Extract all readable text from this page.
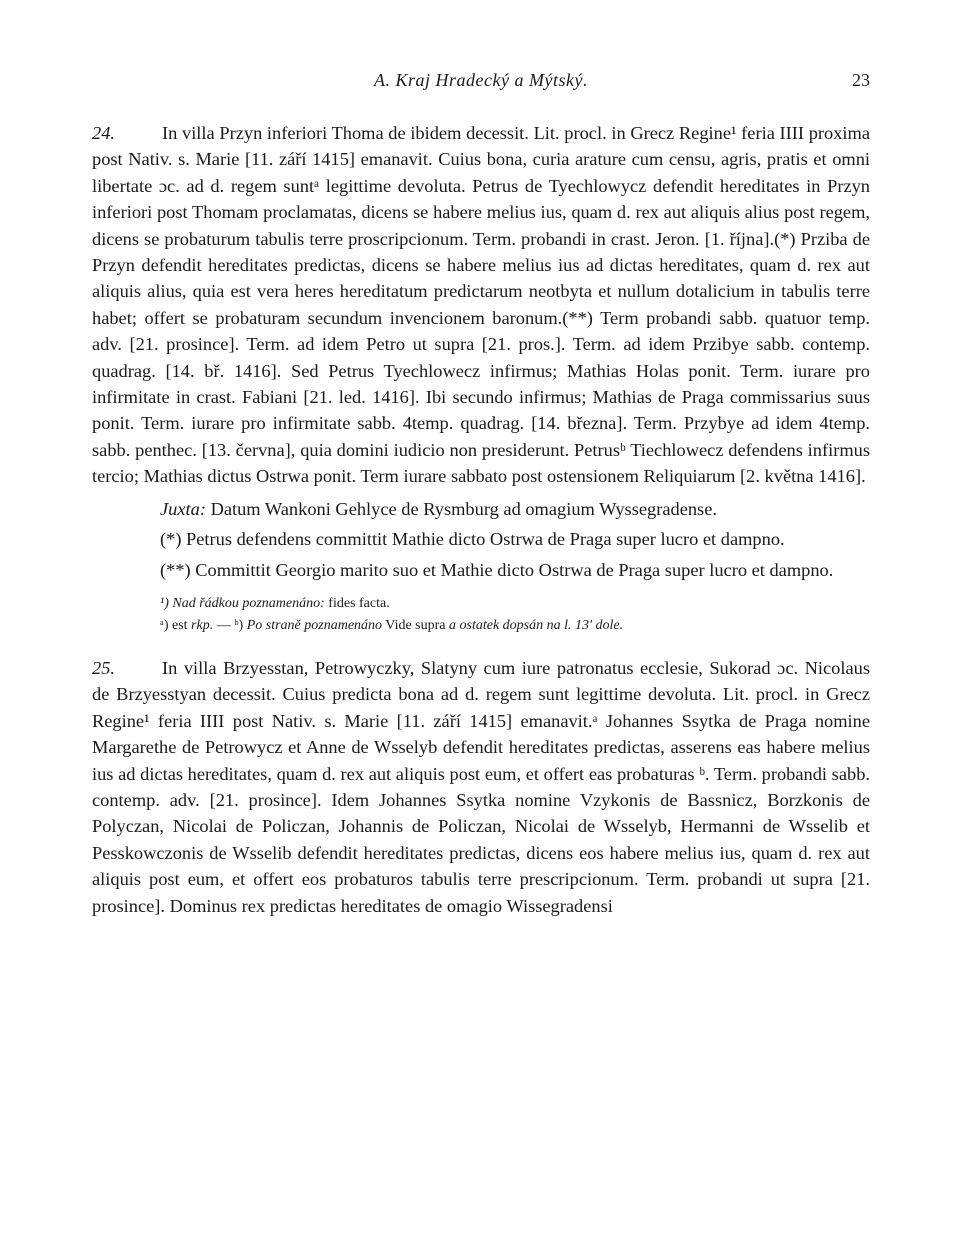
A. Kraj Hradecký a Mýtský.	23

24.	In villa Przyn inferiori Thoma de ibidem decessit. Lit. procl. in Grecz Regine¹ feria IIII proxima post Nativ. s. Marie [11. září 1415] emanavit. Cuius bona, curia arature cum censu, agris, pratis et omni libertate ɔc. ad d. regem suntᵃ legittime devoluta. Petrus de Tyechlowycz defendit hereditates in Przyn inferiori post Thomam proclamatas, dicens se habere melius ius, quam d. rex aut aliquis alius post regem, dicens se probaturum tabulis terre proscripcionum. Term. probandi in crast. Jeron. [1. října].(*) Prziba de Przyn defendit hereditates predictas, dicens se habere melius ius ad dictas hereditates, quam d. rex aut aliquis alius, quia est vera heres hereditatum predictarum neotbyta et nullum dotalicium in tabulis terre habet; offert se probaturam secundum invencionem baronum.(**) Term probandi sabb. quatuor temp. adv. [21. prosince]. Term. ad idem Petro ut supra [21. pros.]. Term. ad idem Przibye sabb. contemp. quadrag. [14. bř. 1416]. Sed Petrus Tyechlowecz infirmus; Mathias Holas ponit. Term. iurare pro infirmitate in crast. Fabiani [21. led. 1416]. Ibi secundo infirmus; Mathias de Praga commissarius suus ponit. Term. iurare pro infirmitate sabb. 4temp. quadrag. [14. března]. Term. Przybye ad idem 4temp. sabb. penthec. [13. června], quia domini iudicio non presiderunt. Petrusᵇ Tiechlowecz defendens infirmus tercio; Mathias dictus Ostrwa ponit. Term iurare sabbato post ostensionem Reliquiarum [2. května 1416].

Juxta: Datum Wankoni Gehlyce de Rysmburg ad omagium Wyssegradense.

(*) Petrus defendens committit Mathie dicto Ostrwa de Praga super lucro et dampno.

(**) Committit Georgio marito suo et Mathie dicto Ostrwa de Praga super lucro et dampno.

¹) Nad řádkou poznamenáno: fides facta.
ᵃ) est rkp. — ᵇ) Po straně poznamenáno Vide supra a ostatek dopsán na l. 13' dole.

25.	In villa Brzyesstan, Petrowyczky, Slatyny cum iure patronatus ecclesie, Sukorad ɔc. Nicolaus de Brzyesstyan decessit. Cuius predicta bona ad d. regem sunt legittime devoluta. Lit. procl. in Grecz Regine¹ feria IIII post Nativ. s. Marie [11. září 1415] emanavit.ᵃ Johannes Ssytka de Praga nomine Margarethe de Petrowycz et Anne de Wsselyb defendit hereditates predictas, asserens eas habere melius ius ad dictas hereditates, quam d. rex aut aliquis post eum, et offert eas probaturas ᵇ. Term. probandi sabb. contemp. adv. [21. prosince]. Idem Johannes Ssytka nomine Vzykonis de Bassnicz, Borzkonis de Polyczan, Nicolai de Policzan, Johannis de Policzan, Nicolai de Wsselyb, Hermanni de Wsselib et Pesskowczonis de Wsselib defendit hereditates predictas, dicens eos habere melius ius, quam d. rex aut aliquis post eum, et offert eos probaturos tabulis terre prescripcionum. Term. probandi ut supra [21. prosince]. Dominus rex predictas hereditates de omagio Wissegradensi
